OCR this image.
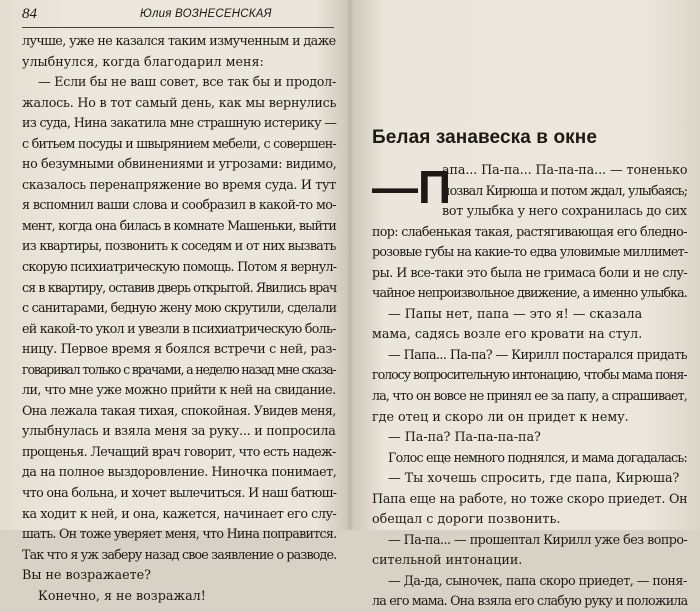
84	Юлия ВОЗНЕСЕНСКАЯ
лучше, уже не казался таким измученным и даже
улыбнулся, когда благодарил меня:
— Если бы не ваш совет, все так бы и продол-
жалось. Но в тот самый день, как мы вернулись
из суда, Нина закатила мне страшную истерику —
с битьем посуды и швырянием мебели, с совершен-
но безумными обвинениями и угрозами: видимо,
сказалось перенапряжение во время суда. И тут
я вспомнил ваши слова и сообразил в какой-то мо-
мент, когда она билась в комнате Машеньки, выйти
из квартиры, позвонить к соседям и от них вызвать
скорую психиатрическую помощь. Потом я вернул-
ся в квартиру, оставив дверь открытой. Явились врач
с санитарами, бедную жену мою скрутили, сделали
ей какой-то укол и увезли в психиатрическую боль-
ницу. Первое время я боялся встречи с ней, раз-
говаривал только с врачами, а неделю назад мне сказа-
ли, что мне уже можно прийти к ней на свидание.
Она лежала такая тихая, спокойная. Увидев меня,
улыбнулась и взяла меня за руку... и попросила
прощенья. Лечащий врач говорит, что есть надеж-
да на полное выздоровление. Ниночка понимает,
что она больна, и хочет вылечиться. И наш батюш-
ка ходит к ней, и она, кажется, начинает его слу-
шать. Он тоже уверяет меня, что Нина поправится.
Так что я уж заберу назад свое заявление о разводе.
Вы не возражаете?
Конечно, я не возражал!
Белая занавеска в окне
—П
апа... Па-па... Па-па-па... — тоненько
позвал Кирюша и потом ждал, улыбаясь;
вот улыбка у него сохранилась до сих
пор: слабенькая такая, растягивающая его бледно-
розовые губы на какие-то едва уловимые миллимет-
ры. И все-таки это была не гримаса боли и не слу-
чайное непроизвольное движение, а именно улыбка.
— Папы нет, папа — это я! — сказала
мама, садясь возле его кровати на стул.
— Папа... Па-па? — Кирилл постарался придать
голосу вопросительную интонацию, чтобы мама поня-
ла, что он вовсе не принял ее за папу, а спрашивает,
где отец и скоро ли он придет к нему.
— Па-па? Па-па-па-па?
Голос еще немного поднялся, и мама догадалась:
— Ты хочешь спросить, где папа, Кирюша?
Папа еще на работе, но тоже скоро приедет. Он
обещал с дороги позвонить.
— Па-па... — прошептал Кирилл уже без вопро-
сительной интонации.
— Да-да, сыночек, папа скоро приедет, — поня-
ла его мама. Она взяла его слабую руку и положила
